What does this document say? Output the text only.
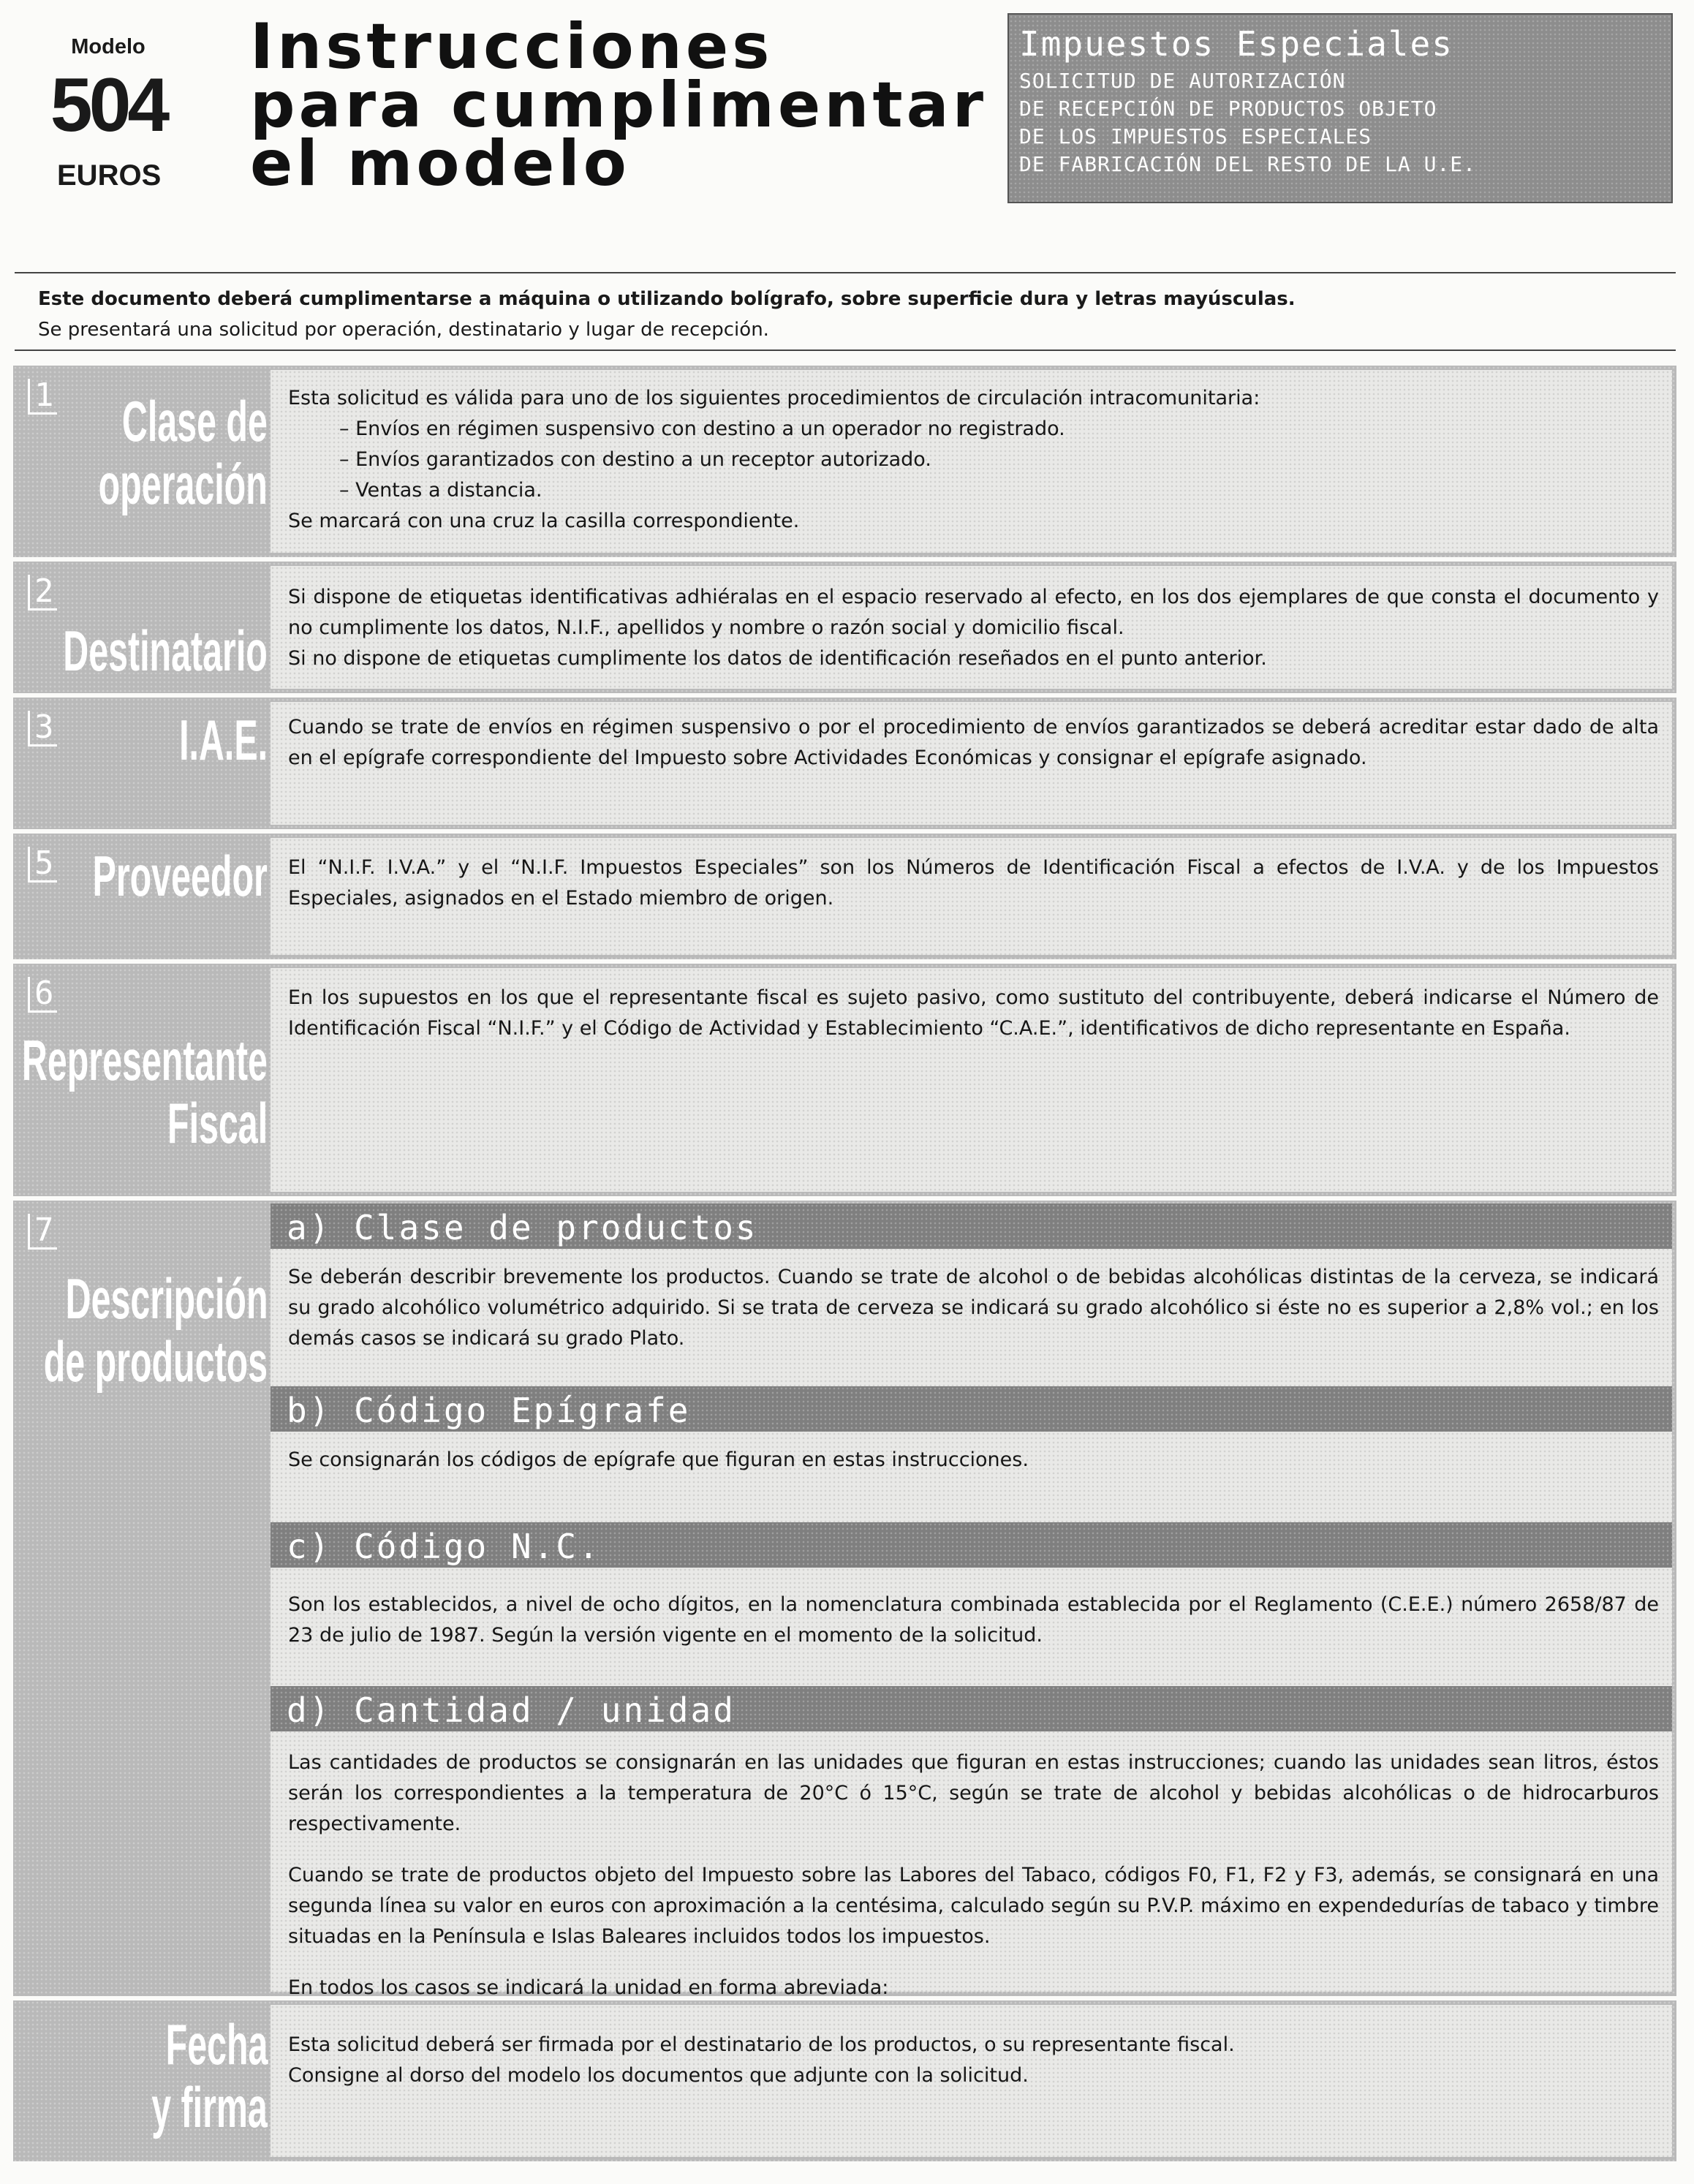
Modelo
504
EUROS
Instrucciones
para cumplimentar
el modelo
Impuestos Especiales
SOLICITUD DE AUTORIZACIÓN
DE RECEPCIÓN DE PRODUCTOS OBJETO
DE LOS IMPUESTOS ESPECIALES
DE FABRICACIÓN DEL RESTO DE LA U.E.
Este documento deberá cumplimentarse a máquina o utilizando bolígrafo, sobre superficie dura y letras mayúsculas.
Se presentará una solicitud por operación, destinatario y lugar de recepción.
1 Clase de
operación

Esta solicitud es válida para uno de los siguientes procedimientos de circulación intracomunitaria:

– Envíos en régimen suspensivo con destino a un operador no registrado.

– Envíos garantizados con destino a un receptor autorizado.

– Ventas a distancia.

Se marcará con una cruz la casilla correspondiente.

2
Destinatario

Si dispone de etiquetas identificativas adhiéralas en el espacio reservado al efecto, en los dos ejemplares de que consta el documento y no cumplimente los datos, N.I.F., apellidos y nombre o razón social y domicilio fiscal.

Si no dispone de etiquetas cumplimente los datos de identificación reseñados en el punto anterior.

3 I.A.E. Cuando se trate de envíos en régimen suspensivo o por el procedimiento de envíos garantizados se deberá acreditar estar dado de alta en el epígrafe correspondiente del Impuesto sobre Actividades Económicas y consignar el epígrafe asignado.

5 Proveedor El “N.I.F. I.V.A.” y el “N.I.F. Impuestos Especiales” son los Números de Identificación Fiscal a efectos de I.V.A. y de los Impuestos Especiales, asignados en el Estado miembro de origen.

6
Representante
Fiscal

En los supuestos en los que el representante fiscal es sujeto pasivo, como sustituto del contribuyente, deberá indicarse el Número de Identificación Fiscal “N.I.F.” y el Código de Actividad y Establecimiento “C.A.E.”, identificativos de dicho representante en España.

7
Descripción
de productos
a) Clase de productos

Se deberán describir brevemente los productos. Cuando se trate de alcohol o de bebidas alcohólicas distintas de la cerveza, se indicará su grado alcohólico volumétrico adquirido. Si se trata de cerveza se indicará su grado alcohólico si éste no es superior a 2,8% vol.; en los demás casos se indicará su grado Plato.

b) Código Epígrafe

Se consignarán los códigos de epígrafe que figuran en estas instrucciones.

c) Código N.C.

Son los establecidos, a nivel de ocho dígitos, en la nomenclatura combinada establecida por el Reglamento (C.E.E.) número 2658/87 de 23 de julio de 1987. Según la versión vigente en el momento de la solicitud.

d) Cantidad / unidad

Las cantidades de productos se consignarán en las unidades que figuran en estas instrucciones; cuando las unidades sean litros, éstos serán los correspondientes a la temperatura de 20°C ó 15°C, según se trate de alcohol y bebidas alcohólicas o de hidrocarburos respectivamente.

Cuando se trate de productos objeto del Impuesto sobre las Labores del Tabaco, códigos F0, F1, F2 y F3, además, se consignará en una segunda línea su valor en euros con aproximación a la centésima, calculado según su P.V.P. máximo en expendedurías de tabaco y timbre situadas en la Península e Islas Baleares incluidos todos los impuestos.

En todos los casos se indicará la unidad en forma abreviada:

Fecha
y firma

Esta solicitud deberá ser firmada por el destinatario de los productos, o su representante fiscal.

Consigne al dorso del modelo los documentos que adjunte con la solicitud.
